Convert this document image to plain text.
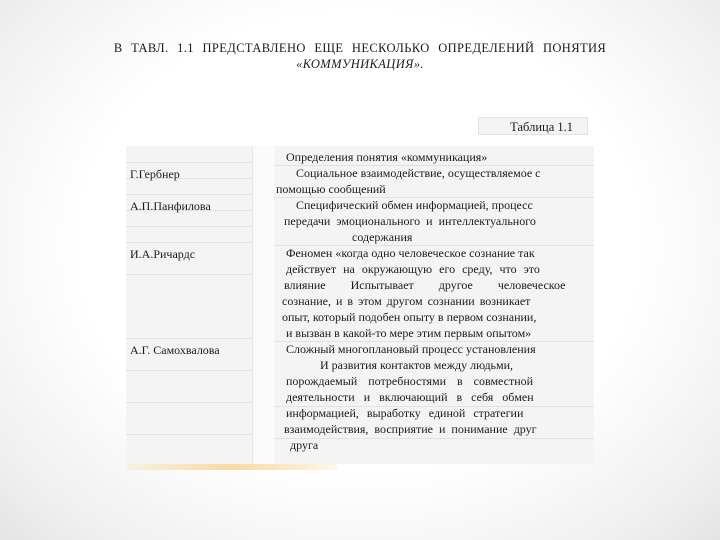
В ТАВЛ. 1.1 ПРЕДСТАВЛЕНО ЕЩЕ НЕСКОЛЬКО ОПРЕДЕЛЕНИЙ ПОНЯТИЯ
«КОММУНИКАЦИЯ».
Таблица 1.1
Определения понятия «коммуникация»
Г.Гербнер
А.П.Панфилова
И.А.Ричардс
А.Г. Самохвалова
Социальное взаимодействие, осуществляемое с
помощью сообщений
Специфический обмен информацией, процесс
передачи эмоционального и интеллектуального
содержания
Феномен «когда одно человеческое сознание так
действует на окружающую его среду, что это
влияние Испытывает другое человеческое
сознание, и в этом другом сознании возникает
опыт, который подобен опыту в первом сознании,
и вызван в какой-то мере этим первым опытом»
Сложный многоплановый процесс установления
И развития контактов между людьми,
порождаемый потребностями в совместной
деятельности и включающий в себя обмен
информацией, выработку единой стратегии
взаимодействия, восприятие и понимание друг
друга
